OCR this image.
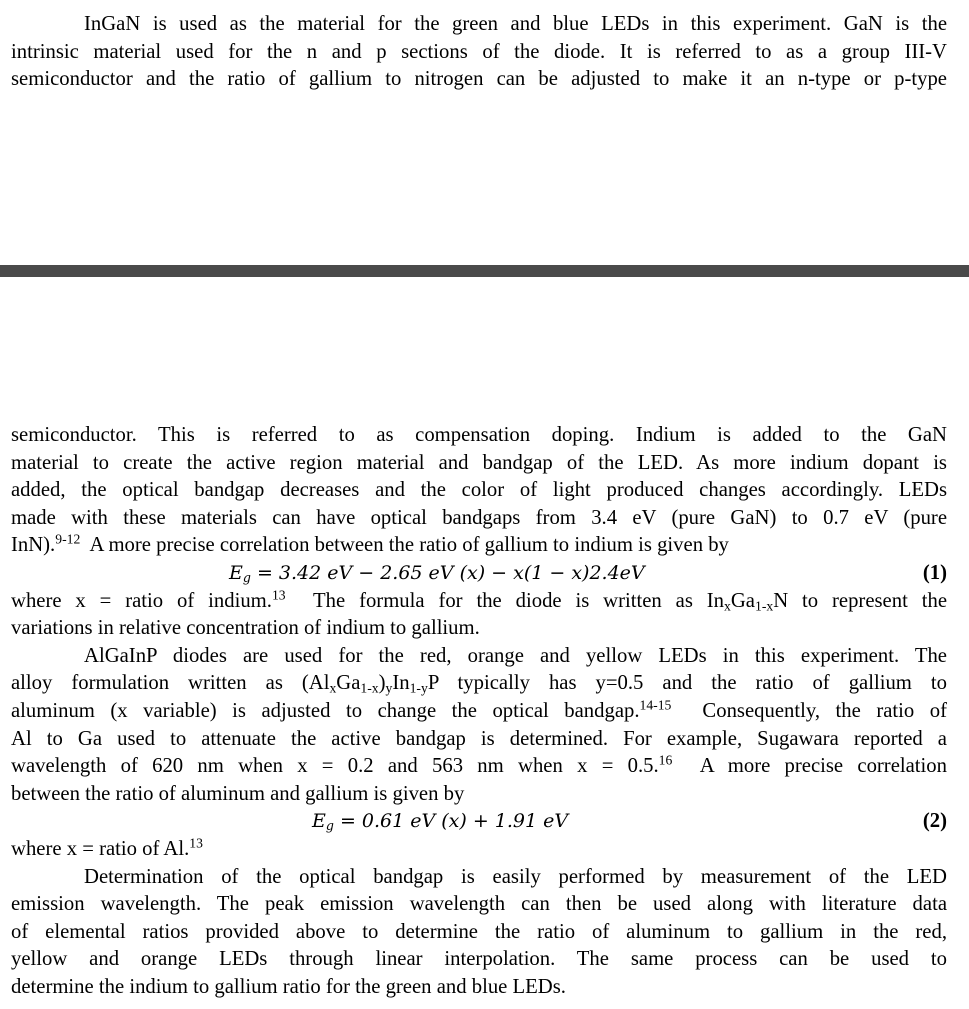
InGaN is used as the material for the green and blue LEDs in this experiment. GaN is the
intrinsic material used for the n and p sections of the diode. It is referred to as a group III-V
semiconductor and the ratio of gallium to nitrogen can be adjusted to make it an n-type or p-type
semiconductor. This is referred to as compensation doping. Indium is added to the GaN
material to create the active region material and bandgap of the LED. As more indium dopant is
added, the optical bandgap decreases and the color of light produced changes accordingly. LEDs
made with these materials can have optical bandgaps from 3.4 eV (pure GaN) to 0.7 eV (pure
InN).$^{9-12}$  A more precise correlation between the ratio of gallium to indium is given by
$E_g = 3.42$ eV − 2.65 eV (x) − x(1 − x)2.4eV	(1)
where x = ratio of indium.$^{13}$  The formula for the diode is written as $In_xGa_{1-x}N$ to represent the
variations in relative concentration of indium to gallium.
AlGaInP diodes are used for the red, orange and yellow LEDs in this experiment. The
alloy formulation written as $(Al_xGa_{1-x})_yIn_{1-y}P$ typically has y=0.5 and the ratio of gallium to
aluminum (x variable) is adjusted to change the optical bandgap.$^{14-15}$  Consequently, the ratio of
Al to Ga used to attenuate the active bandgap is determined. For example, Sugawara reported a
wavelength of 620 nm when x = 0.2 and 563 nm when x = 0.5.16  A more precise correlation
between the ratio of aluminum and gallium is given by
$E_g = 0.61$ eV (x) + 1.91 eV	(2)
where x = ratio of Al.$^{13}$
Determination of the optical bandgap is easily performed by measurement of the LED
emission wavelength. The peak emission wavelength can then be used along with literature data
of elemental ratios provided above to determine the ratio of aluminum to gallium in the red,
yellow and orange LEDs through linear interpolation. The same process can be used to
determine the indium to gallium ratio for the green and blue LEDs.
